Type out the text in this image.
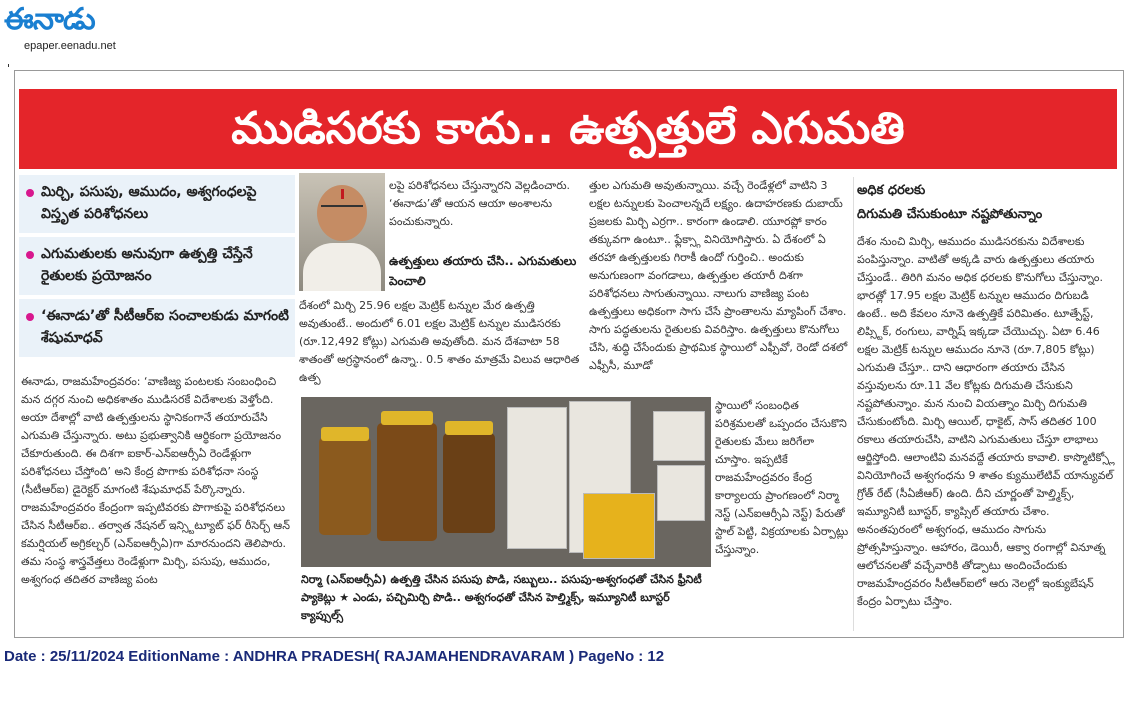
ఈనాడు
epaper.eenadu.net
ముడిసరకు కాదు.. ఉత్పత్తులే ఎగుమతి
మిర్చి, పసుపు, ఆముదం, అశ్వగంధలపై విస్తృత పరిశోధనలు
ఎగుమతులకు అనువుగా ఉత్పత్తి చేస్తేనే రైతులకు ప్రయోజనం
‘ఈనాడు’తో సీటీఆర్ఐ సంచాలకుడు మాగంటి శేషుమాధవ్

ఈనాడు, రాజమహేంద్రవరం: ‘వాణిజ్య పంటలకు సంబంధించి మన దగ్గర నుంచి అధికశాతం ముడిసరకే విదేశాలకు వెళ్తోంది. అయా దేశాల్లో వాటి ఉత్పత్తులను స్థానికంగానే తయారుచేసి ఎగుమతి చేస్తున్నారు. అటు ప్రభుత్వానికి ఆర్థికంగా ప్రయోజనం చేకూరుతుంది. ఈ దిశగా ఐకార్-ఎన్ఐఆర్సీఏ రెండేళ్లుగా పరిశోధనలు చేస్తోంది’ అని కేంద్ర పొగాకు పరిశోధనా సంస్థ (సీటీఆర్ఐ) డైరెక్టర్ మాగంటి శేషుమాధవ్ పేర్కొన్నారు. రాజమహేంద్రవరం కేంద్రంగా ఇప్పటివరకు పొగాకుపై పరిశోధనలు చేసిన సీటీఆర్ఐ.. తర్వాత నేషనల్ ఇన్స్టిట్యూట్ ఫర్ రీసెర్చ్ ఆన్ కమర్షియల్ అగ్రికల్చర్ (ఎన్ఐఆర్సీఏ)గా మారనుందని తెలిపారు. తమ సంస్థ శాస్త్రవేత్తలు రెండేళ్లుగా మిర్చి, పసుపు, ఆముదం, అశ్వగంధ తదితర వాణిజ్య పంట

లపై పరిశోధనలు చేస్తున్నారని వెల్లడించారు. ‘ఈనాడు’తో ఆయన ఆయా అంశాలను పంచుకున్నారు.

ఉత్పత్తులు తయారు చేసి.. ఎగుమతులు పెంచాలి

దేశంలో మిర్చి 25.96 లక్షల మెట్రిక్ టన్నుల మేర ఉత్పత్తి అవుతుంటే.. అందులో 6.01 లక్షల మెట్రిక్ టన్నుల ముడిసరకు (రూ.12,492 కోట్లు) ఎగుమతి అవుతోంది. మన దేశవాటా 58 శాతంతో అగ్రస్థానంలో ఉన్నా.. 0.5 శాతం మాత్రమే విలువ ఆధారిత ఉత్ప

త్తుల ఎగుమతి అవుతున్నాయి. వచ్చే రెండేళ్లలో వాటిని 3 లక్షల టన్నులకు పెంచాలన్నదే లక్ష్యం. ఉదాహరణకు దుబాయ్ ప్రజలకు మిర్చి ఎర్రగా.. కారంగా ఉండాలి. యూరప్లో కారం తక్కువగా ఉంటూ.. ఫ్లేక్స్గా వినియోగిస్తారు. ఏ దేశంలో ఏ తరహా ఉత్పత్తులకు గిరాకీ ఉందో గుర్తించి.. అందుకు అనుగుణంగా వంగడాలు, ఉత్పత్తుల తయారీ దిశగా పరిశోధనలు సాగుతున్నాయి. నాలుగు వాణిజ్య పంట ఉత్పత్తులు అధికంగా సాగు చేసే ప్రాంతాలను మ్యాపింగ్ చేశాం. సాగు పద్ధతులను రైతులకు వివరిస్తాం. ఉత్పత్తులు కొనుగోలు చేసి, శుద్ధి చేసేందుకు ప్రాథమిక స్థాయిలో ఎఫ్పీవో, రెండో దశలో ఎఫ్పీసీ, మూడో

నిర్మా (ఎన్ఐఆర్సీఏ) ఉత్పత్తి చేసిన పసుపు పొడి, సబ్బులు.. పసుపు-అశ్వగంధతో చేసిన ఫ్రీనిటీ ప్యాకెట్లు ★ ఎండు, పచ్చిమిర్చి పొడి.. అశ్వగంధతో చేసిన హెల్త్మిక్స్, ఇమ్యూనిటీ బూస్టర్ క్యాప్సుల్స్

స్థాయిలో సంబంధిత పరిశ్రమలతో ఒప్పందం చేసుకొని రైతులకు మేలు జరిగేలా చూస్తాం. ఇప్పటికే రాజమహేంద్రవరం కేంద్ర కార్యాలయ ప్రాంగణంలో నిర్మా నెస్ట్ (ఎన్ఐఆర్సీఏ నెస్ట్) పేరుతో స్టాల్ పెట్టి, విక్రయాలకు ఏర్పాట్లు చేస్తున్నాం.

అధిక ధరలకు
దిగుమతి చేసుకుంటూ నష్టపోతున్నాం

దేశం నుంచి మిర్చి, ఆముదం ముడిసరకును విదేశాలకు పంపిస్తున్నాం. వాటితో అక్కడి వారు ఉత్పత్తులు తయారు చేస్తుండే.. తిరిగి మనం అధిక ధరలకు కొనుగోలు చేస్తున్నాం. భారత్లో 17.95 లక్షల మెట్రిక్ టన్నుల ఆముదం దిగుబడి ఉంటే.. అది కేవలం నూనె ఉత్పత్తికే పరిమితం. టూత్పేస్ట్, లిప్స్టిక్, రంగులు, వార్నిష్ ఇక్కడా చేయొచ్చు. ఏటా 6.46 లక్షల మెట్రిక్ టన్నుల ఆముదం నూనె (రూ.7,805 కోట్లు) ఎగుమతి చేస్తూ.. దాని ఆధారంగా తయారు చేసిన వస్తువులను రూ.11 వేల కోట్లకు దిగుమతి చేసుకుని నష్టపోతున్నాం. మన నుంచి వియత్నాం మిర్చి దిగుమతి చేసుకుంటోంది. మిర్చి ఆయిల్, ధాకైట్, సాస్ తదితర 100 రకాలు తయారుచేసి, వాటిని ఎగుమతులు చేస్తూ లాభాలు ఆర్జిస్తోంది. ఆలాంటివి మనవద్దే తయారు కావాలి. కాస్మొటిక్స్లో వినియోగించే అశ్వగంధను 9 శాతం క్యుములేటివ్ యాన్యువల్ గ్రోత్ రేట్ (సీఏజీఆర్) ఉంది. దీని చూర్ణంతో హెల్త్మిక్స్, ఇమ్యూనిటీ బూస్టర్, క్యాప్సిల్ తయారు చేశాం. అనంతపురంలో అశ్వగంధ, ఆముదం సాగును ప్రోత్సహిస్తున్నాం. ఆహారం, డెయిరీ, ఆక్వా రంగాల్లో వినూత్న ఆలోచనలతో వచ్చేవారికి తోడ్పాటు అందించేందుకు రాజమహేంద్రవరం సీటీఆర్ఐలో ఆరు నెలల్లో ఇంక్యుబేషన్ కేంద్రం ఏర్పాటు చేస్తాం.

Date : 25/11/2024 EditionName : ANDHRA PRADESH( RAJAMAHENDRAVARAM ) PageNo : 12
